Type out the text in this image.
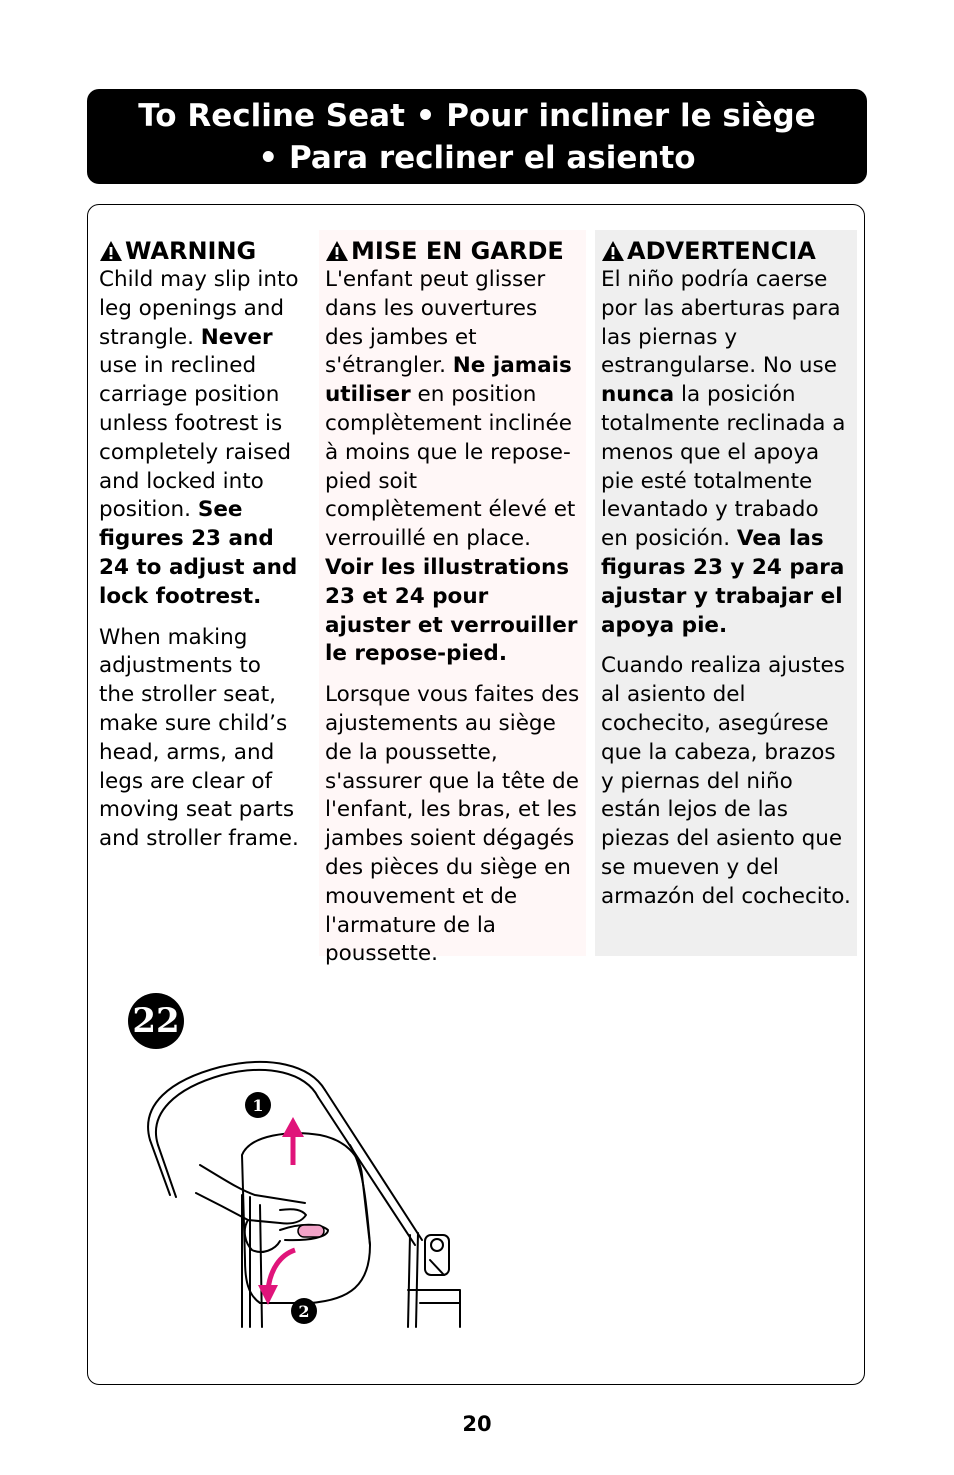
To Recline Seat • Pour incliner le siège
• Para recliner el asiento
WARNING

Child may slip into leg openings and strangle. Never use in reclined carriage position unless footrest is completely raised and locked into position. See figures 23 and 24 to adjust and lock footrest.

When making adjustments to the stroller seat, make sure child’s head, arms, and legs are clear of moving seat parts and stroller frame.

MISE EN GARDE

L'enfant peut glisser dans les ouvertures des jambes et s'étrangler. Ne jamais utiliser en position complètement inclinée à moins que le repose-pied soit complètement élevé et verrouillé en place. Voir les illustrations 23 et 24 pour ajuster et verrouiller le repose-pied.

Lorsque vous faites des ajustements au siège de la poussette, s'assurer que la tête de l'enfant, les bras, et les jambes soient dégagés des pièces du siège en mouvement et de l'armature de la poussette.

ADVERTENCIA

El niño podría caerse por las aberturas para las piernas y estrangularse. No use nunca la posición totalmente reclinada a menos que el apoya pie esté totalmente levantado y trabado en posición. Vea las figuras 23 y 24 para ajustar y trabajar el apoya pie.

Cuando realiza ajustes al asiento del cochecito, asegúrese que la cabeza, brazos y piernas del niño están lejos de las piezas del asiento que se mueven y del armazón del cochecito.

22
1
2
20
